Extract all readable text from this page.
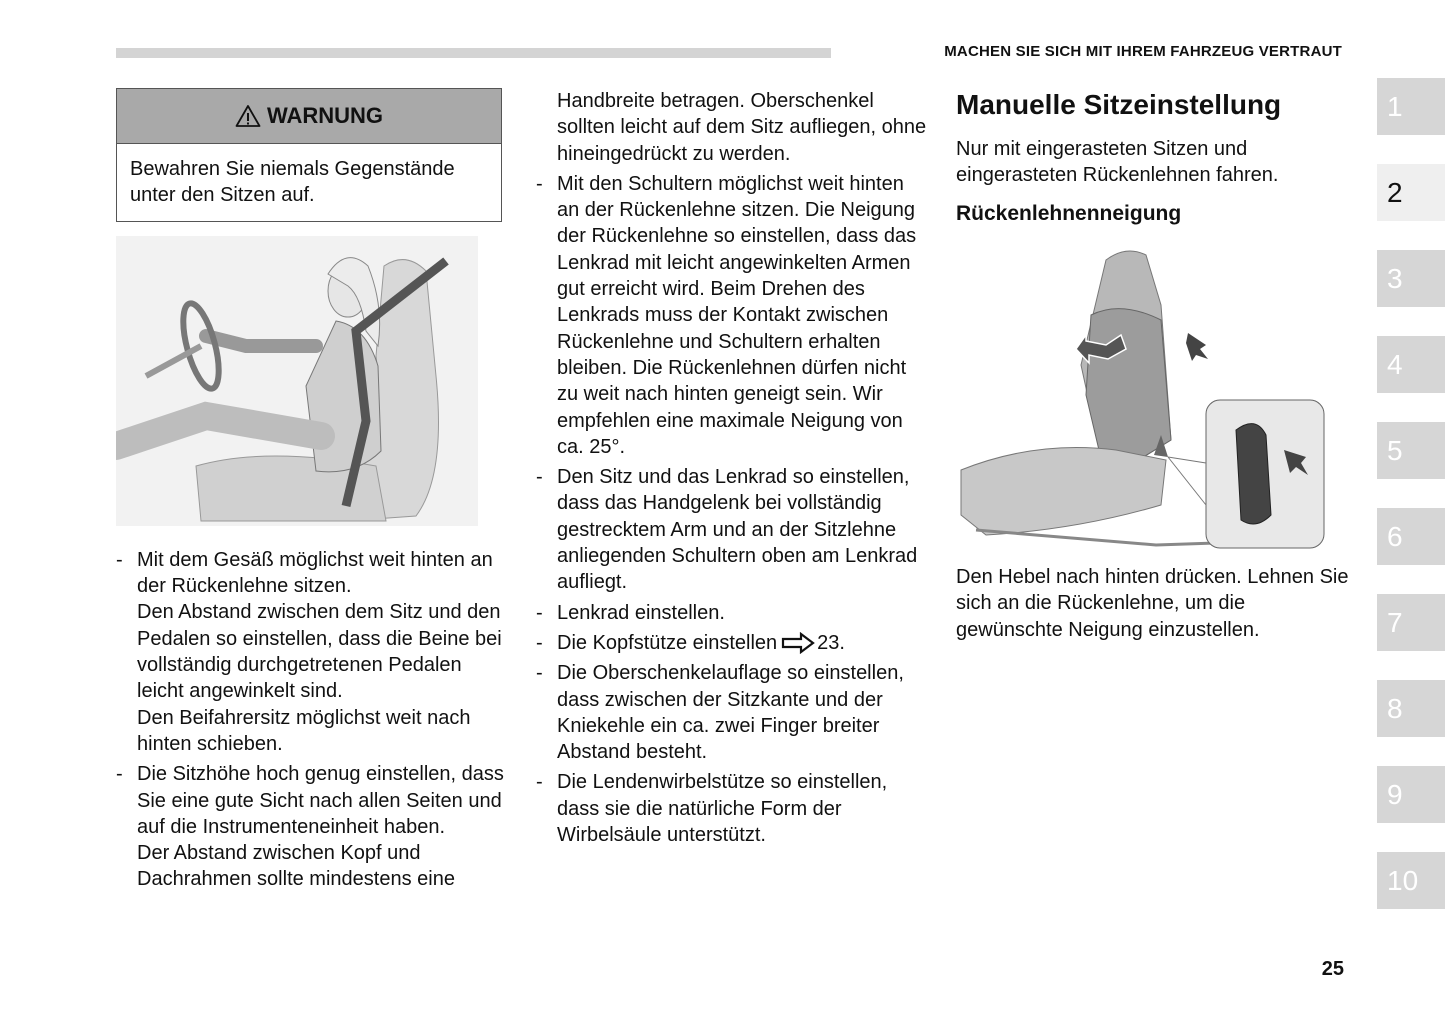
MACHEN SIE SICH MIT IHREM FAHRZEUG VERTRAUT
WARNUNG
Bewahren Sie niemals Gegenstände unter den Sitzen auf.
- Mit dem Gesäß möglichst weit hinten an der Rückenlehne sitzen.
Den Abstand zwischen dem Sitz und den Pedalen so einstellen, dass die Beine bei vollständig durchgetretenen Pedalen leicht angewinkelt sind.
Den Beifahrersitz möglichst weit nach hinten schieben.
- Die Sitzhöhe hoch genug einstellen, dass Sie eine gute Sicht nach allen Seiten und auf die Instrumenteneinheit haben.
Der Abstand zwischen Kopf und Dachrahmen sollte mindestens eine
Handbreite betragen. Oberschenkel sollten leicht auf dem Sitz aufliegen, ohne hineingedrückt zu werden.
- Mit den Schultern möglichst weit hinten an der Rückenlehne sitzen. Die Neigung der Rückenlehne so einstellen, dass das Lenkrad mit leicht angewinkelten Armen gut erreicht wird. Beim Drehen des Lenkrads muss der Kontakt zwischen Rückenlehne und Schultern erhalten bleiben. Die Rückenlehnen dürfen nicht zu weit nach hinten geneigt sein. Wir empfehlen eine maximale Neigung von ca. 25°.
- Den Sitz und das Lenkrad so einstellen, dass das Handgelenk bei vollständig gestrecktem Arm und an der Sitzlehne anliegenden Schultern oben am Lenkrad aufliegt.
- Lenkrad einstellen.
- Die Kopfstütze einstellen 23.
- Die Oberschenkelauflage so einstellen, dass zwischen der Sitzkante und der Kniekehle ein ca. zwei Finger breiter Abstand besteht.
- Die Lendenwirbelstütze so einstellen, dass sie die natürliche Form der Wirbelsäule unterstützt.
Manuelle Sitzeinstellung
Nur mit eingerasteten Sitzen und eingerasteten Rückenlehnen fahren.
Rückenlehnenneigung
Den Hebel nach hinten drücken. Lehnen Sie sich an die Rückenlehne, um die gewünschte Neigung einzustellen.
1
2
3
4
5
6
7
8
9
10
25
